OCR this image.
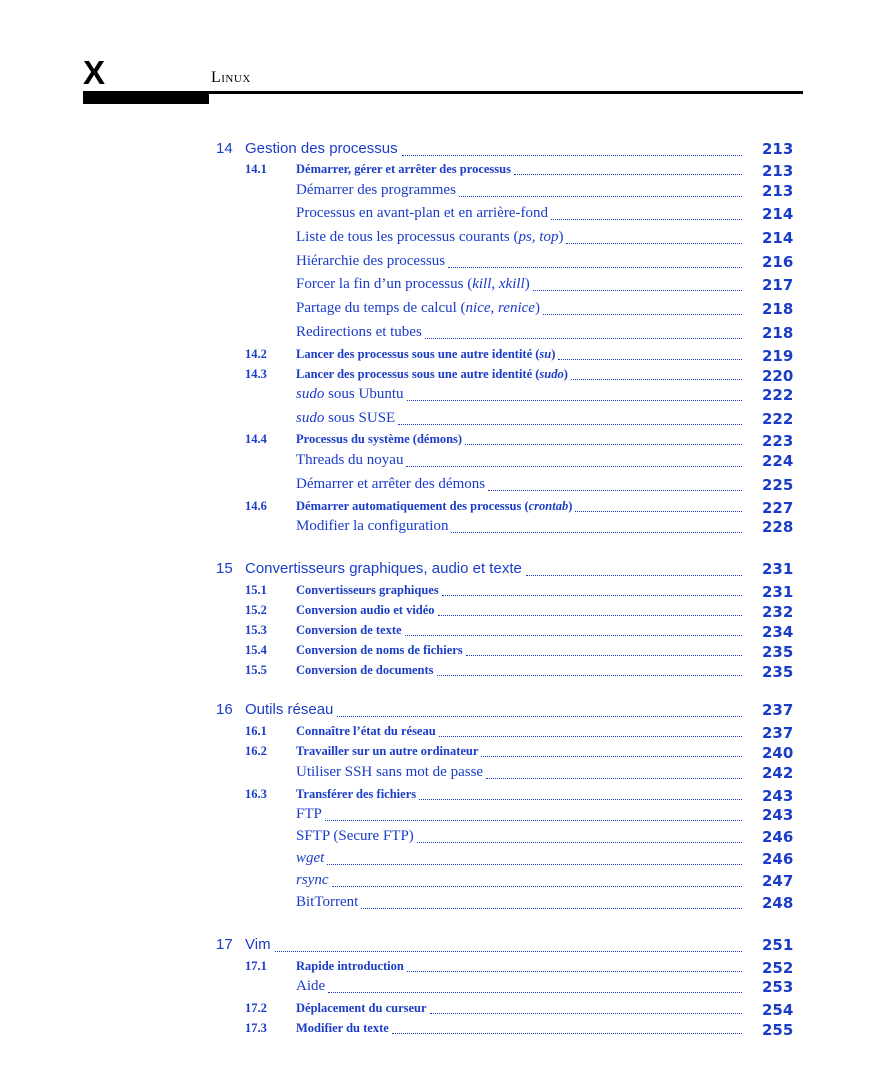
X	Linux
14 Gestion des processus	213
14.1 Démarrer, gérer et arrêter des processus	213
Démarrer des programmes	213
Processus en avant-plan et en arrière-fond	214
Liste de tous les processus courants (ps, top)	214
Hiérarchie des processus	216
Forcer la fin d’un processus (kill, xkill)	217
Partage du temps de calcul (nice, renice)	218
Redirections et tubes	218
14.2 Lancer des processus sous une autre identité (su)	219
14.3 Lancer des processus sous une autre identité (sudo)	220
sudo sous Ubuntu	222
sudo sous SUSE	222
14.4 Processus du système (démons)	223
Threads du noyau	224
Démarrer et arrêter des démons	225
14.6 Démarrer automatiquement des processus (crontab)	227
Modifier la configuration	228
15 Convertisseurs graphiques, audio et texte	231
15.1 Convertisseurs graphiques	231
15.2 Conversion audio et vidéo	232
15.3 Conversion de texte	234
15.4 Conversion de noms de fichiers	235
15.5 Conversion de documents	235
16 Outils réseau	237
16.1 Connaître l’état du réseau	237
16.2 Travailler sur un autre ordinateur	240
Utiliser SSH sans mot de passe	242
16.3 Transférer des fichiers	243
FTP	243
SFTP (Secure FTP)	246
wget	246
rsync	247
BitTorrent	248
17 Vim	251
17.1 Rapide introduction	252
Aide	253
17.2 Déplacement du curseur	254
17.3 Modifier du texte	255
